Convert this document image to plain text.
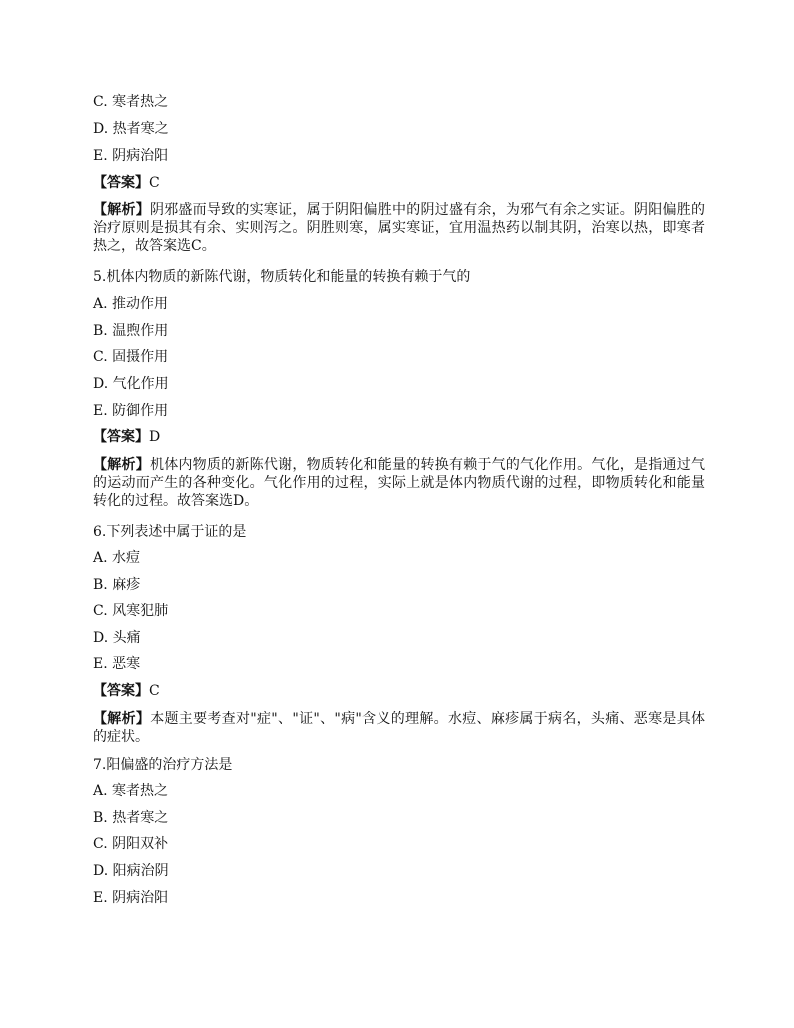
C. 寒者热之
D. 热者寒之
E. 阴病治阳
【答案】C
【解析】阴邪盛而导致的实寒证，属于阴阳偏胜中的阴过盛有余，为邪气有余之实证。阴阳偏胜的治疗原则是损其有余、实则泻之。阴胜则寒，属实寒证，宜用温热药以制其阴，治寒以热，即寒者热之，故答案选C。
5.机体内物质的新陈代谢，物质转化和能量的转换有赖于气的
A. 推动作用
B. 温煦作用
C. 固摄作用
D. 气化作用
E. 防御作用
【答案】D
【解析】机体内物质的新陈代谢，物质转化和能量的转换有赖于气的气化作用。气化，是指通过气的运动而产生的各种变化。气化作用的过程，实际上就是体内物质代谢的过程，即物质转化和能量转化的过程。故答案选D。
6.下列表述中属于证的是
A. 水痘
B. 麻疹
C. 风寒犯肺
D. 头痛
E. 恶寒
【答案】C
【解析】本题主要考查对"症"、"证"、"病"含义的理解。水痘、麻疹属于病名，头痛、恶寒是具体的症状。
7.阳偏盛的治疗方法是
A. 寒者热之
B. 热者寒之
C. 阴阳双补
D. 阳病治阴
E. 阴病治阳
